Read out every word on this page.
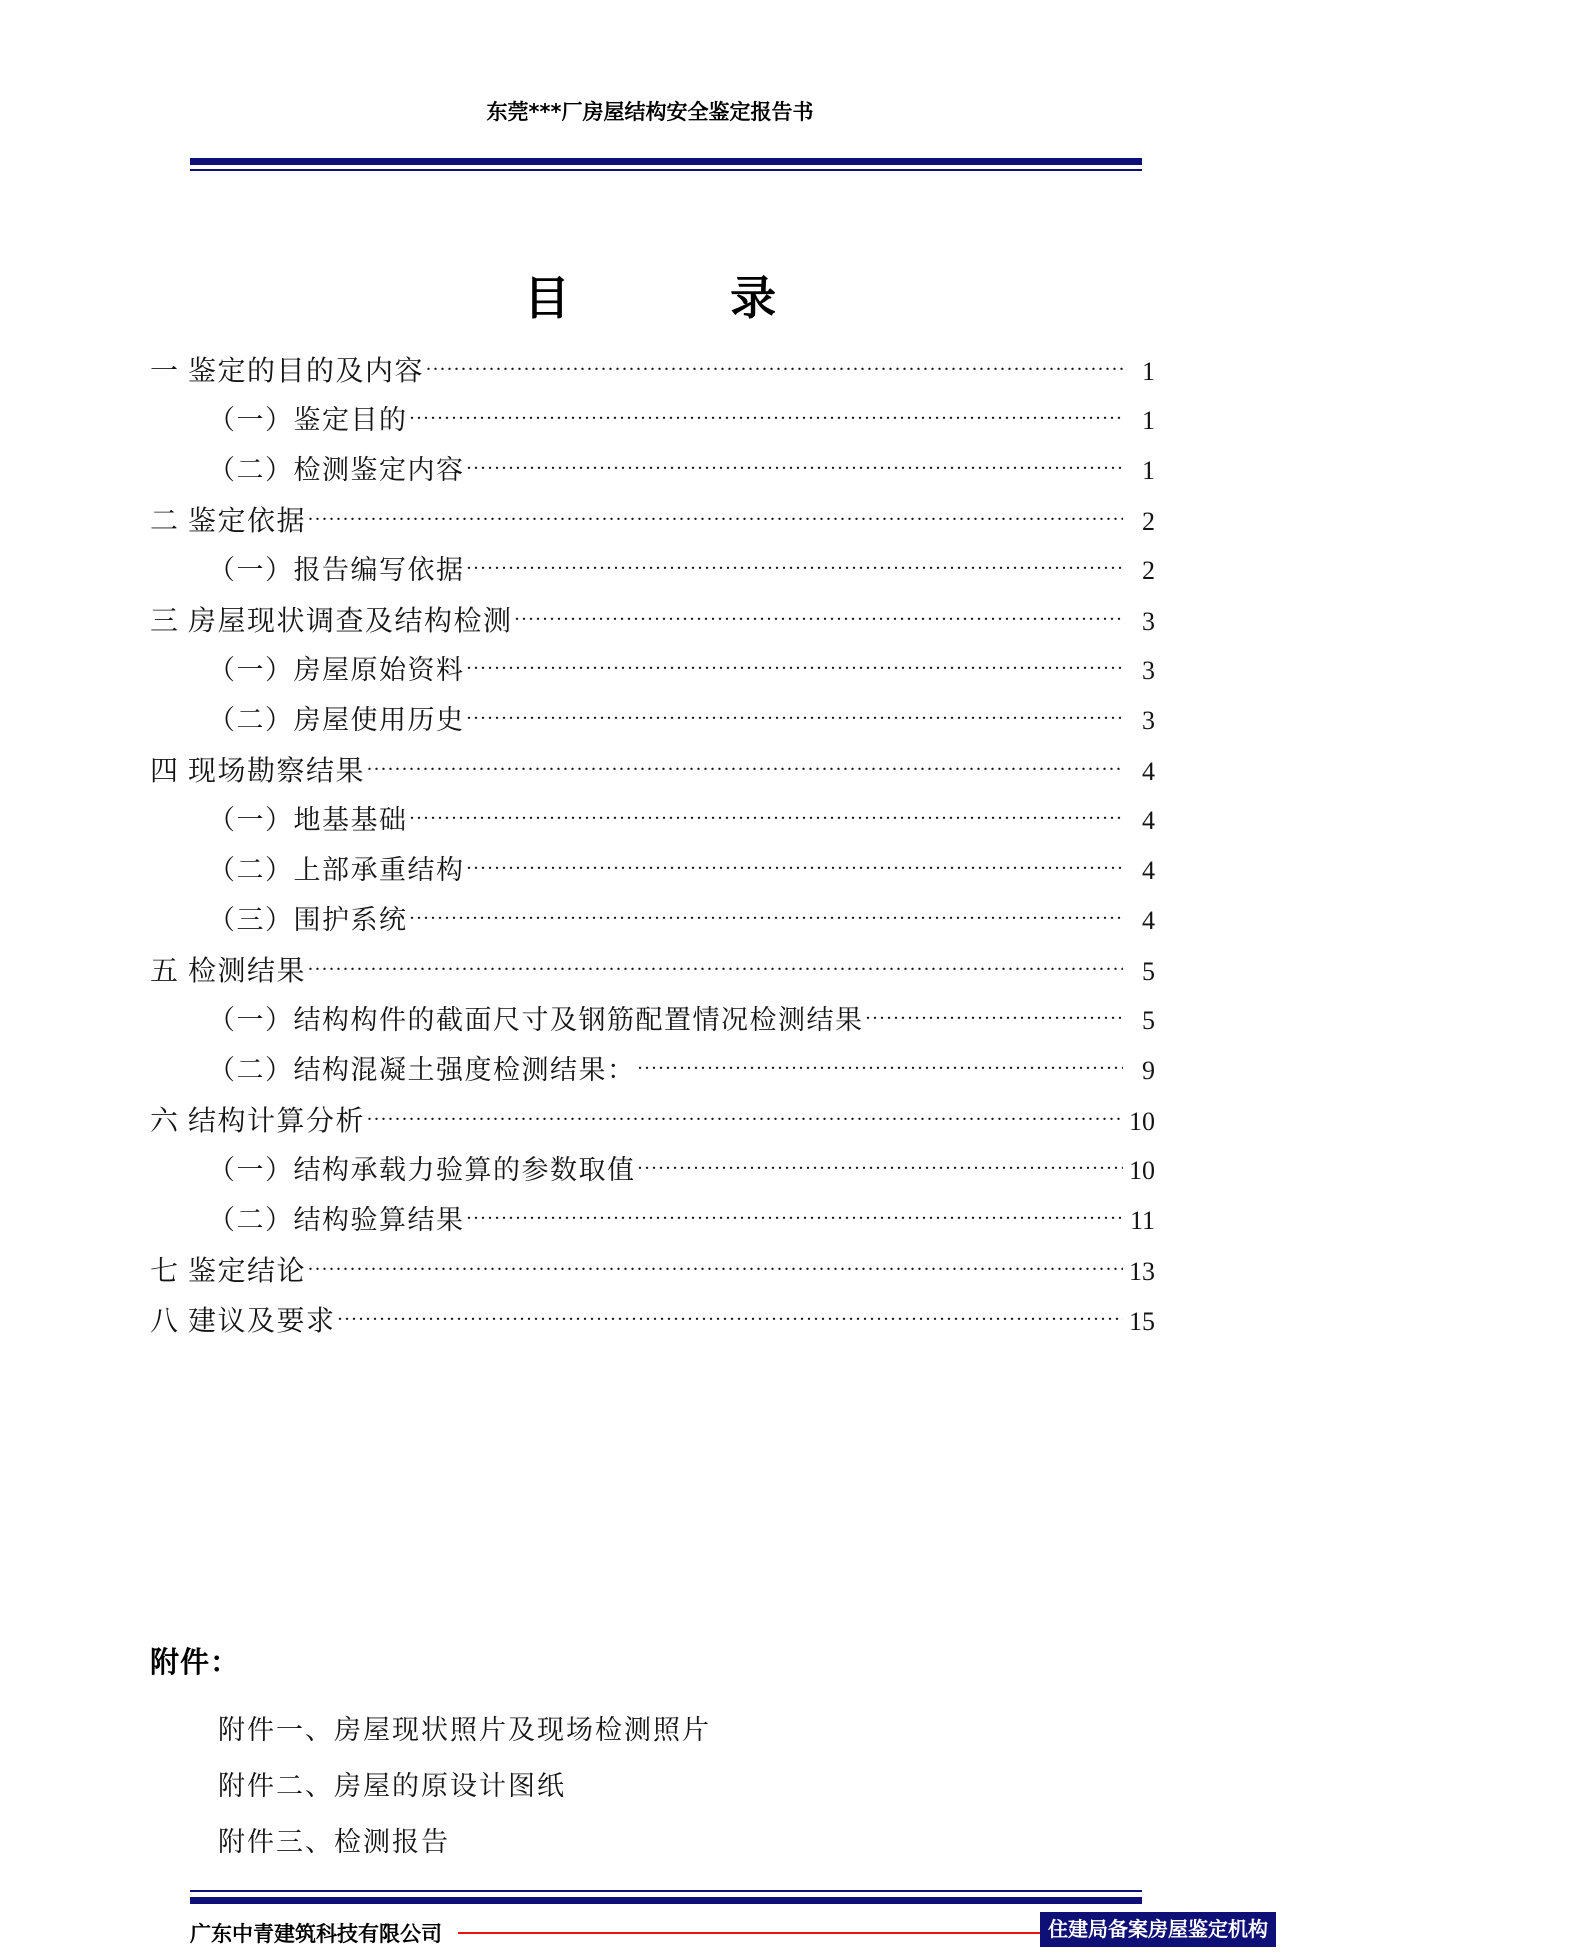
东莞***厂房屋结构安全鉴定报告书
目          录
一 鉴定的目的及内容 . . .	1
（一）鉴定目的 . . .	1
（二）检测鉴定内容 . . .	1
二 鉴定依据 . . .	2
（一）报告编写依据 . . .	2
三 房屋现状调查及结构检测 . . .	3
（一）房屋原始资料 . . .	3
（二）房屋使用历史 . . .	3
四 现场勘察结果 . . .	4
（一）地基基础 . . .	4
（二）上部承重结构 . . .	4
（三）围护系统 . . .	4
五 检测结果 . . .	5
（一）结构构件的截面尺寸及钢筋配置情况检测结果 . . .	5
（二）结构混凝土强度检测结果： . . .	9
六 结构计算分析 . . .	10
（一）结构承载力验算的参数取值 . . .	10
（二）结构验算结果 . . .	11
七 鉴定结论 . . .	13
八 建议及要求 . . .	15
附件：
附件一、房屋现状照片及现场检测照片
附件二、房屋的原设计图纸
附件三、检测报告
广东中青建筑科技有限公司	住建局备案房屋鉴定机构
